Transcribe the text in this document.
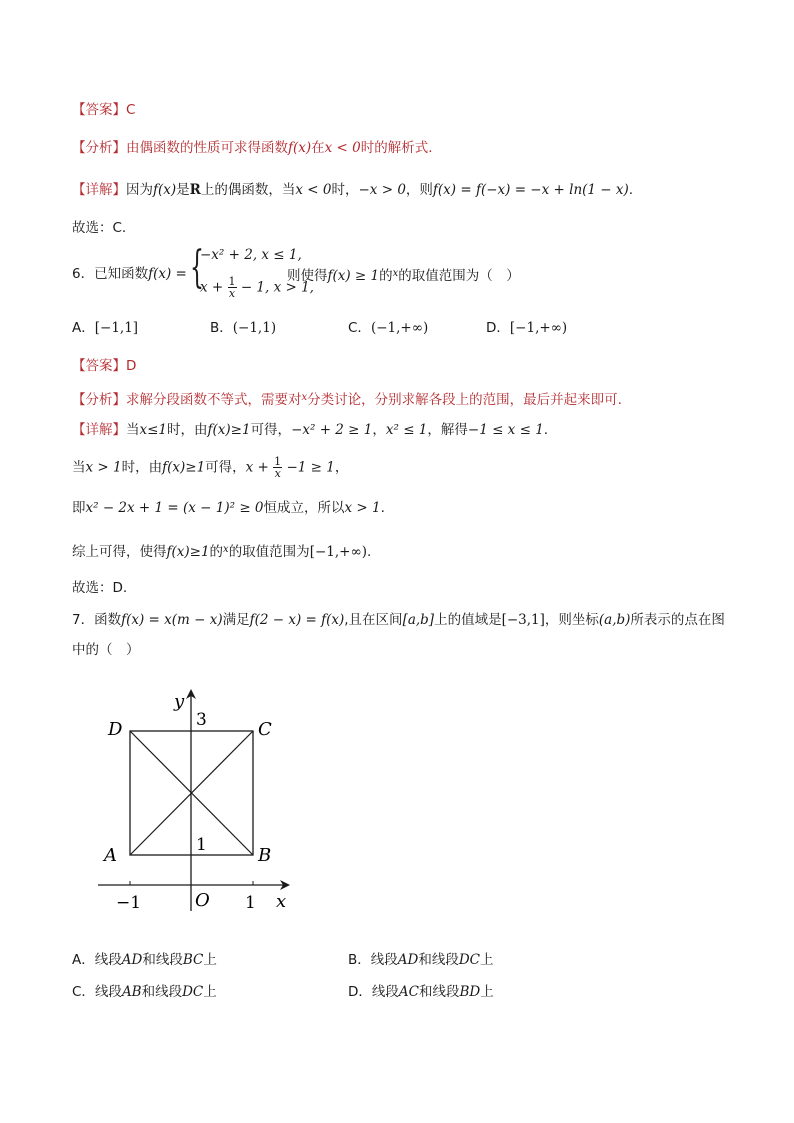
【答案】C
【分析】由偶函数的性质可求得函数f(x)在x < 0时的解析式.
【详解】因为f(x)是R上的偶函数，当x < 0时，−x > 0，则f(x) = f(−x) = −x + ln(1 − x).
故选：C.
6．已知函数f(x) = {
−x² + 2, x ≤ 1,
$x + \frac{1}{x} - 1$, x > 1,
则使得f(x) ≥ 1的$^x$的取值范围为（　）
A．[−1,1]	B．(−1,1)	C．(−1,+∞)	D．[−1,+∞)
【答案】D
【分析】求解分段函数不等式，需要对$^x$分类讨论，分别求解各段上的范围，最后并起来即可.
【详解】当x≤1时，由f(x)≥1可得，−x² + 2 ≥ 1，x² ≤ 1，解得−1 ≤ x ≤ 1.
当x > 1时，由f(x)≥1可得，$x + \frac{1}{x} -1 \ge 1$，
即x² − 2x + 1 = (x − 1)² ≥ 0恒成立，所以x > 1.
综上可得，使得f(x)≥1的$^x$的取值范围为[−1,+∞).
故选：D.
7．函数f(x) = x(m − x)满足f(2 − x) = f(x),且在区间[a,b]上的值域是[−3,1]，则坐标(a,b)所表示的点在图
中的（　）
y
x
O
3
1
−1	1
A	B
C
D
A．线段AD和线段BC上	B．线段AD和线段DC上
C．线段AB和线段DC上	D．线段AC和线段BD上
